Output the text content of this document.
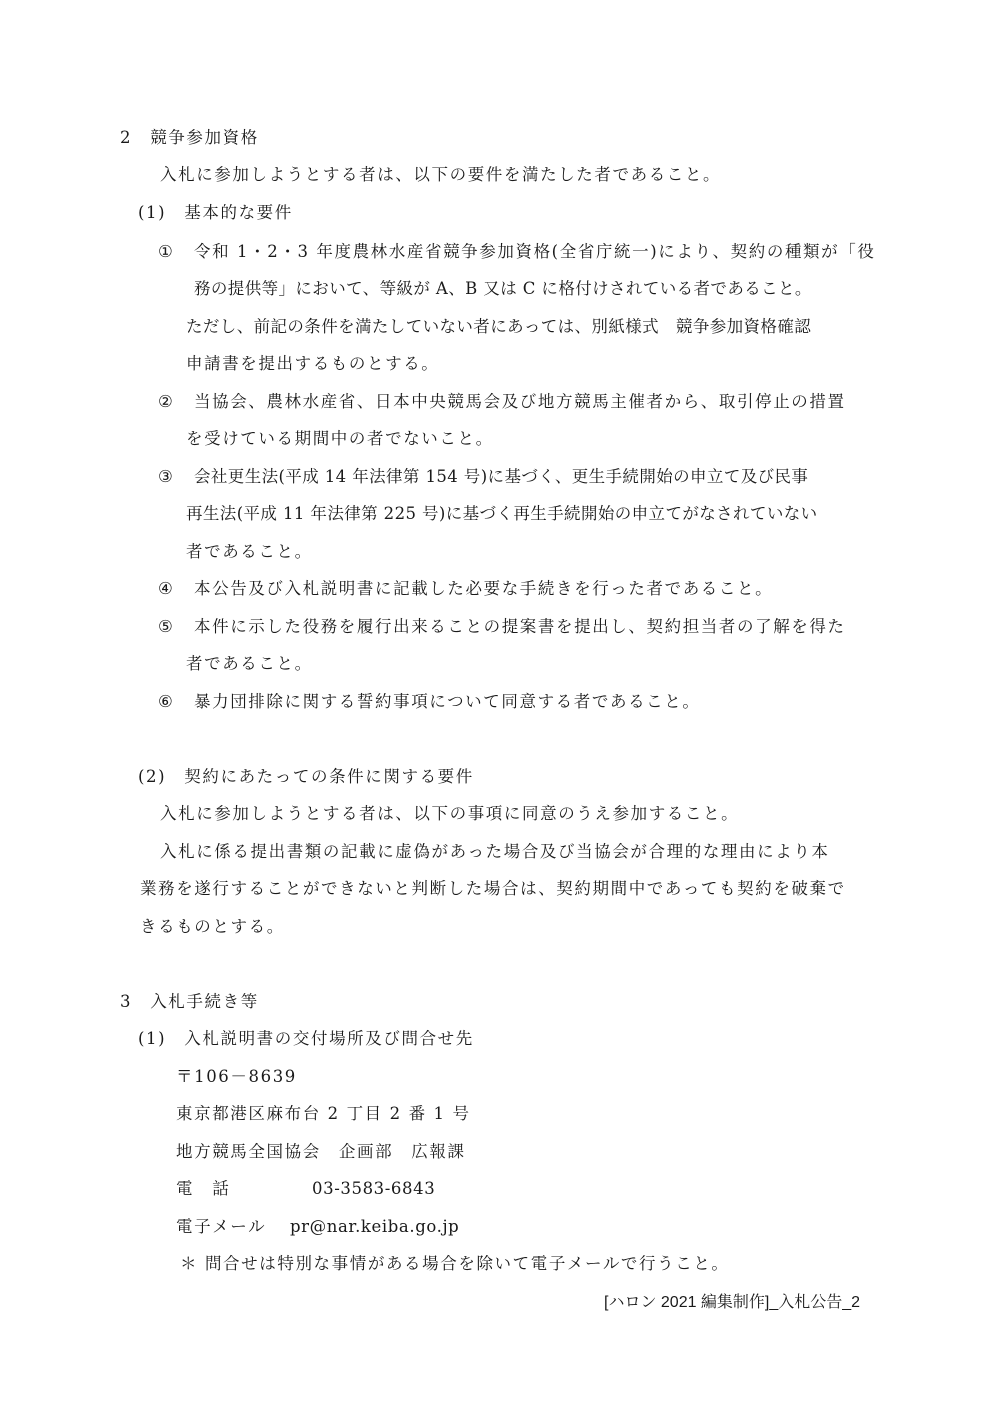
2　競争参加資格
入札に参加しようとする者は、以下の要件を満たした者であること。
(1)　基本的な要件
① 令和 1・2・3 年度農林水産省競争参加資格(全省庁統一)により、契約の種類が「役
務の提供等」において、等級が A、B 又は C に格付けされている者であること。
ただし、前記の条件を満たしていない者にあっては、別紙様式　競争参加資格確認
申請書を提出するものとする。
② 当協会、農林水産省、日本中央競馬会及び地方競馬主催者から、取引停止の措置
を受けている期間中の者でないこと。
③ 会社更生法(平成 14 年法律第 154 号)に基づく、更生手続開始の申立て及び民事
再生法(平成 11 年法律第 225 号)に基づく再生手続開始の申立てがなされていない
者であること。
④ 本公告及び入札説明書に記載した必要な手続きを行った者であること。
⑤ 本件に示した役務を履行出来ることの提案書を提出し、契約担当者の了解を得た
者であること。
⑥ 暴力団排除に関する誓約事項について同意する者であること。
(2)　契約にあたっての条件に関する要件
入札に参加しようとする者は、以下の事項に同意のうえ参加すること。
入札に係る提出書類の記載に虚偽があった場合及び当協会が合理的な理由により本
業務を遂行することができないと判断した場合は、契約期間中であっても契約を破棄で
きるものとする。
3　入札手続き等
(1)　入札説明書の交付場所及び問合せ先
〒106－8639
東京都港区麻布台 2 丁目 2 番 1 号
地方競馬全国協会　企画部　広報課
電　話	03-3583-6843
電子メール pr@nar.keiba.go.jp
＊ 問合せは特別な事情がある場合を除いて電子メールで行うこと。
[ハロン 2021 編集制作]_入札公告_2
